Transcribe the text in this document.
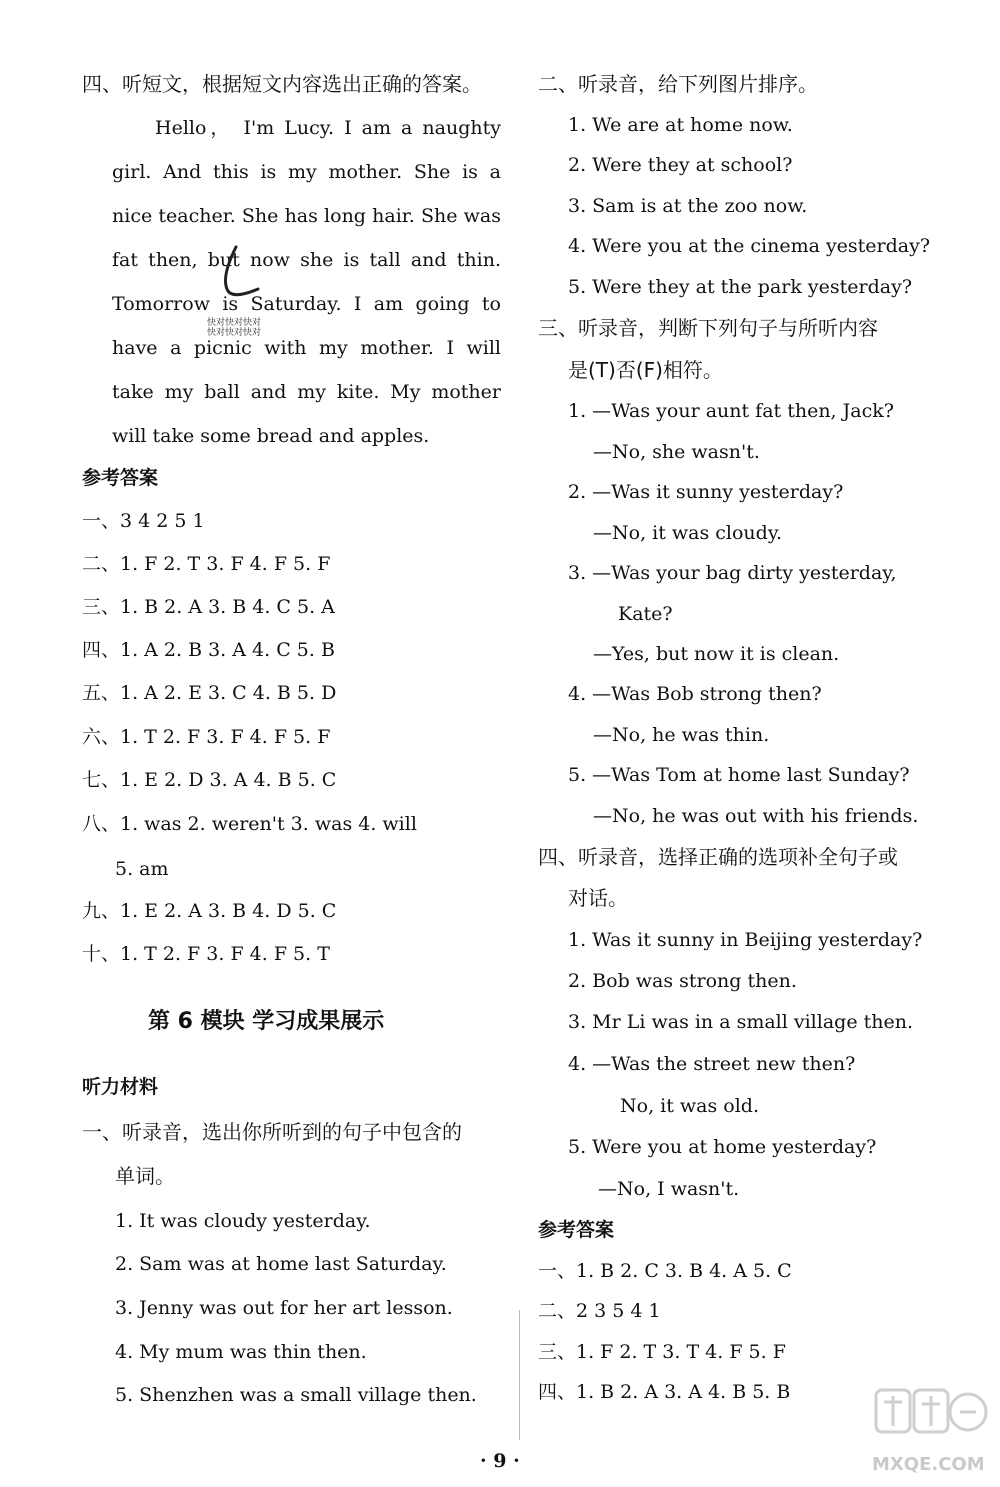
四、听短文，根据短文内容选出正确的答案。
Hello， I'm Lucy. I am a naughty
girl. And this is my mother. She is a
nice teacher. She has long hair. She was
fat then, but now she is tall and thin.
Tomorrow is Saturday. I am going to
have a picnic with my mother. I will
take my ball and my kite. My mother
will take some bread and apples.
快对快对快对
快对快对快对
参考答案
一、3 4 2 5 1
二、1. F 2. T 3. F 4. F 5. F
三、1. B 2. A 3. B 4. C 5. A
四、1. A 2. B 3. A 4. C 5. B
五、1. A 2. E 3. C 4. B 5. D
六、1. T 2. F 3. F 4. F 5. F
七、1. E 2. D 3. A 4. B 5. C
八、1. was 2. weren't 3. was 4. will
5. am
九、1. E 2. A 3. B 4. D 5. C
十、1. T 2. F 3. F 4. F 5. T
第 6 模块 学习成果展示
听力材料
一、听录音，选出你所听到的句子中包含的
单词。
1. It was cloudy yesterday.
2. Sam was at home last Saturday.
3. Jenny was out for her art lesson.
4. My mum was thin then.
5. Shenzhen was a small village then.
二、听录音，给下列图片排序。
1. We are at home now.
2. Were they at school?
3. Sam is at the zoo now.
4. Were you at the cinema yesterday?
5. Were they at the park yesterday?
三、听录音，判断下列句子与所听内容
是(T)否(F)相符。
1. —Was your aunt fat then, Jack?
—No, she wasn't.
2. —Was it sunny yesterday?
—No, it was cloudy.
3. —Was your bag dirty yesterday,
Kate?
—Yes, but now it is clean.
4. —Was Bob strong then?
—No, he was thin.
5. —Was Tom at home last Sunday?
—No, he was out with his friends.
四、听录音，选择正确的选项补全句子或
对话。
1. Was it sunny in Beijing yesterday?
2. Bob was strong then.
3. Mr Li was in a small village then.
4. —Was the street new then?
No, it was old.
5. Were you at home yesterday?
—No, I wasn't.
参考答案
一、1. B 2. C 3. B 4. A 5. C
二、2 3 5 4 1
三、1. F 2. T 3. T 4. F 5. F
四、1. B 2. A 3. A 4. B 5. B
· 9 ·	MXQE.COM
